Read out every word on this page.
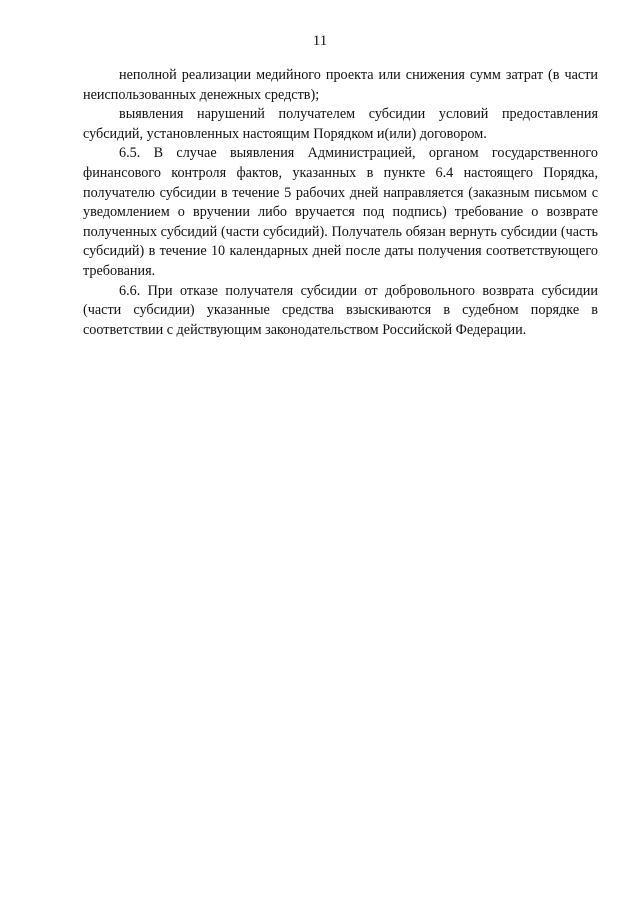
11

неполной реализации медийного проекта или снижения сумм затрат (в части неиспользованных денежных средств);

выявления нарушений получателем субсидии условий предоставления субсидий, установленных настоящим Порядком и(или) договором.

6.5. В случае выявления Администрацией, органом государственного финансового контроля фактов, указанных в пункте 6.4 настоящего Порядка, получателю субсидии в течение 5 рабочих дней направляется (заказным письмом с уведомлением о вручении либо вручается под подпись) требование о возврате полученных субсидий (части субсидий). Получатель обязан вернуть субсидии (часть субсидий) в течение 10 календарных дней после даты получения соответствующего требования.

6.6. При отказе получателя субсидии от добровольного возврата субсидии (части субсидии) указанные средства взыскиваются в судебном порядке в соответствии с действующим законодательством Российской Федерации.
